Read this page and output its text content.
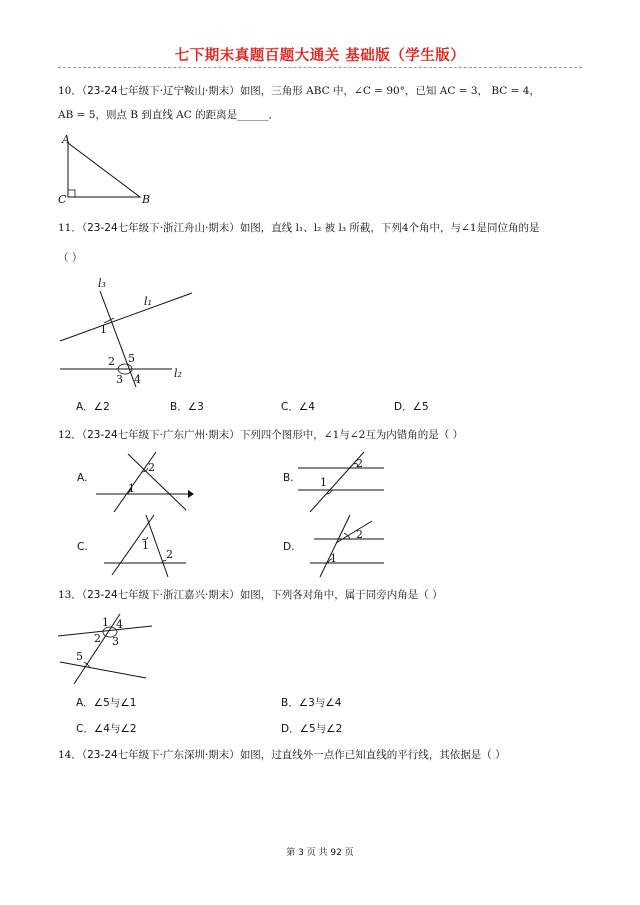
七下期末真题百题大通关 基础版（学生版）
10．（23-24七年级下·辽宁鞍山·期末）如图，三角形 ABC 中，∠C = 90°，已知 AC = 3， BC = 4，
AB = 5，则点 B 到直线 AC 的距离是______．
A
C	B
11．（23-24七年级下·浙江舟山·期末）如图，直线 l₁、l₂ 被 l₃ 所截，下列4个角中，与∠1是同位角的是
（ ）
l₃
l₁
l₂
1
2 5
3 4
A．∠2	B．∠3	C．∠4	D．∠5
12．（23-24七年级下·广东广州·期末）下列四个图形中，∠1与∠2互为内错角的是（ ）
A.
1
2
B.
2
1
C.	1
2
D.
2
1
13．（23-24七年级下·浙江嘉兴·期末）如图，下列各对角中，属于同旁内角是（ ）
1 4
2 3
5
A．∠5与∠1	B．∠3与∠4
C．∠4与∠2	D．∠5与∠2
14．（23-24七年级下·广东深圳·期末）如图，过直线外一点作已知直线的平行线，其依据是（ ）
第 3 页 共 92 页
